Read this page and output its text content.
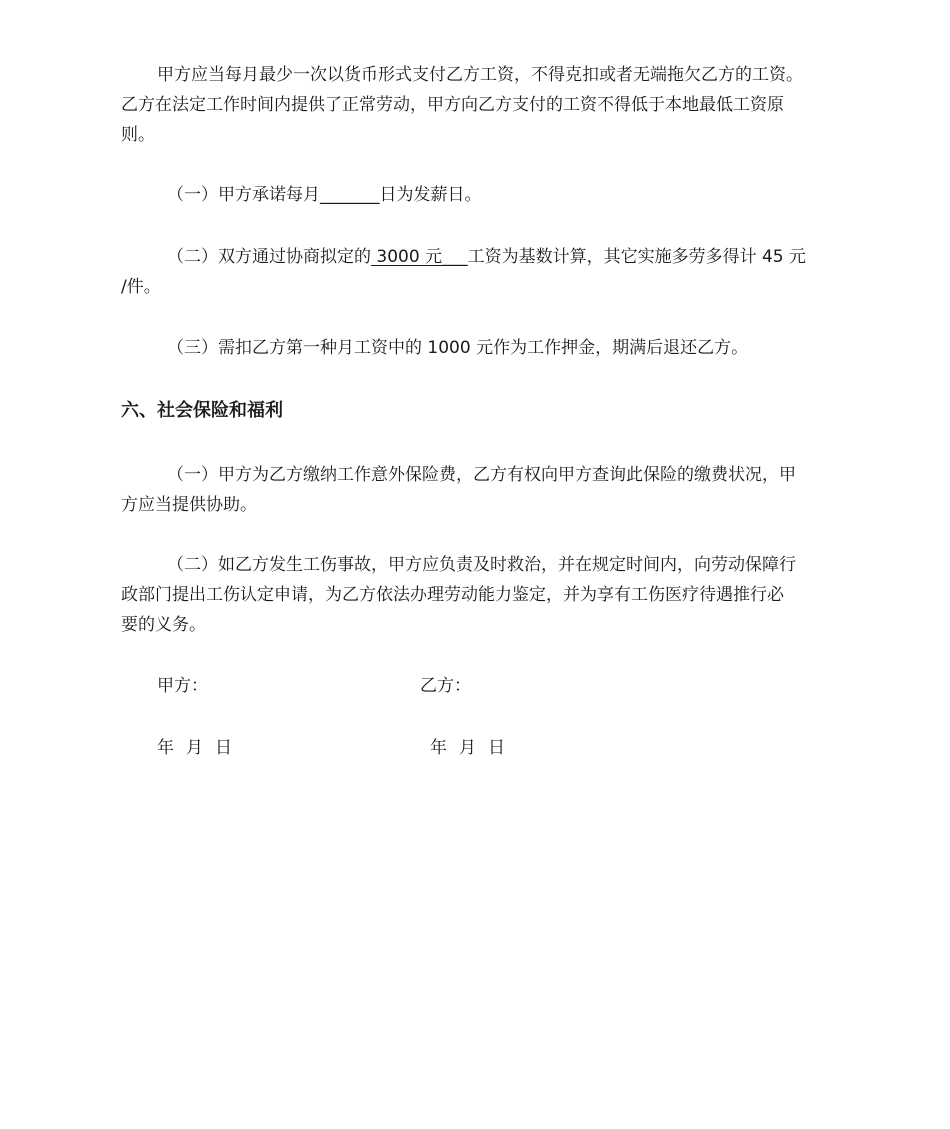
甲方应当每月最少一次以货币形式支付乙方工资，不得克扣或者无端拖欠乙方的工资。
乙方在法定工作时间内提供了正常劳动，甲方向乙方支付的工资不得低于本地最低工资原
则。

（一）甲方承诺每月_______日为发薪日。

（二）双方通过协商拟定的 3000 元___工资为基数计算，其它实施多劳多得计 45 元
/件。

（三）需扣乙方第一种月工资中的 1000 元作为工作押金，期满后退还乙方。

六、社会保险和福利

（一）甲方为乙方缴纳工作意外保险费，乙方有权向甲方查询此保险的缴费状况，甲
方应当提供协助。

（二）如乙方发生工伤事故，甲方应负责及时救治，并在规定时间内，向劳动保障行
政部门提出工伤认定申请，为乙方依法办理劳动能力鉴定，并为享有工伤医疗待遇推行必
要的义务。

甲方：	乙方：
年 月 日	年 月 日
